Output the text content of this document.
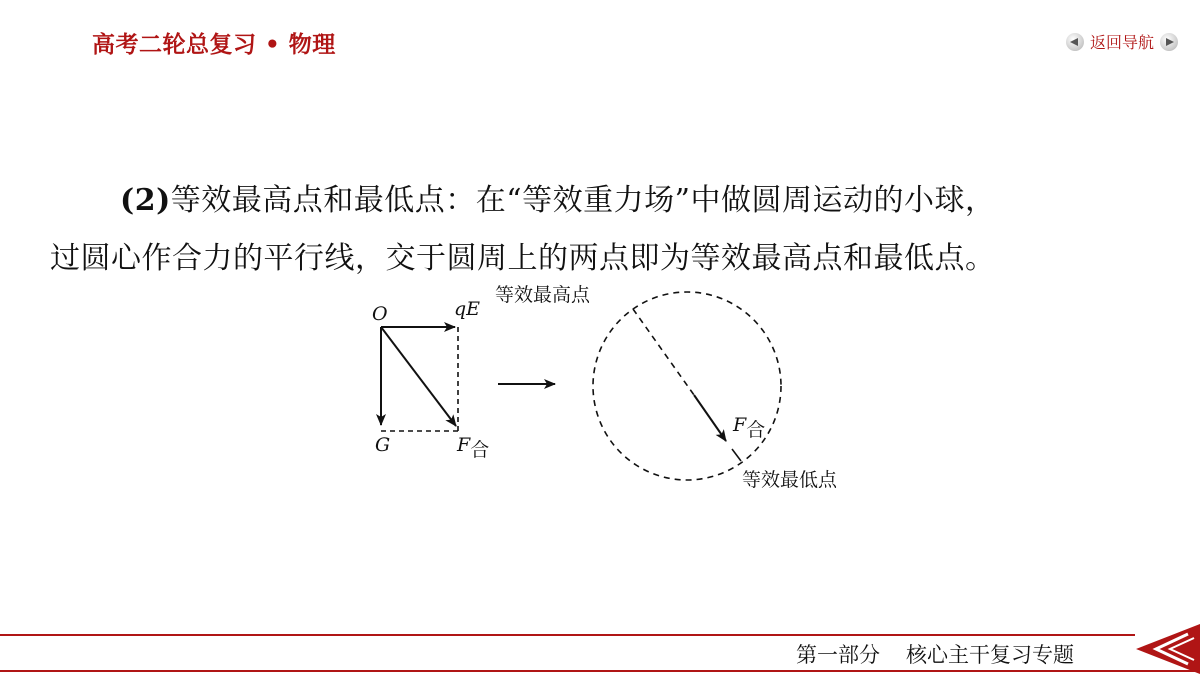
高考二轮总复习 • 物理	返回导航
(2)等效最高点和最低点：在“等效重力场”中做圆周运动的小球，
过圆心作合力的平行线，交于圆周上的两点即为等效最高点和最低点。
O	qE
G	F合
等效最高点
等效最低点
F合
第一部分 核心主干复习专题
